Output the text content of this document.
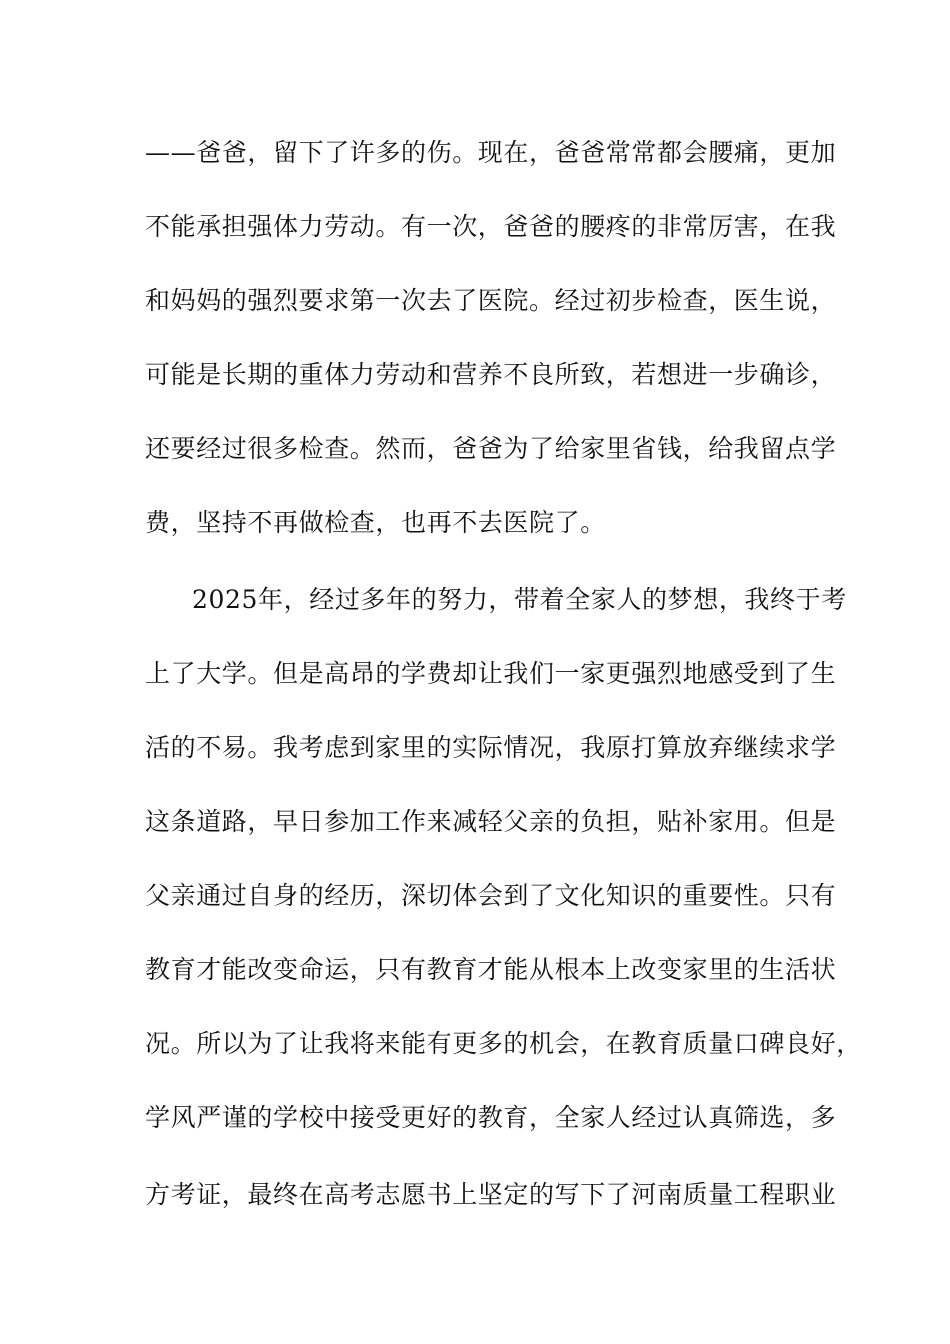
——爸爸，留下了许多的伤。现在，爸爸常常都会腰痛，更加
不能承担强体力劳动。有一次，爸爸的腰疼的非常厉害，在我
和妈妈的强烈要求第一次去了医院。经过初步检查，医生说，
可能是长期的重体力劳动和营养不良所致，若想进一步确诊，
还要经过很多检查。然而，爸爸为了给家里省钱，给我留点学
费，坚持不再做检查，也再不去医院了。
2025年，经过多年的努力，带着全家人的梦想，我终于考
上了大学。但是高昂的学费却让我们一家更强烈地感受到了生
活的不易。我考虑到家里的实际情况，我原打算放弃继续求学
这条道路，早日参加工作来减轻父亲的负担，贴补家用。但是
父亲通过自身的经历，深切体会到了文化知识的重要性。只有
教育才能改变命运，只有教育才能从根本上改变家里的生活状
况。所以为了让我将来能有更多的机会，在教育质量口碑良好，
学风严谨的学校中接受更好的教育，全家人经过认真筛选，多
方考证，最终在高考志愿书上坚定的写下了河南质量工程职业
